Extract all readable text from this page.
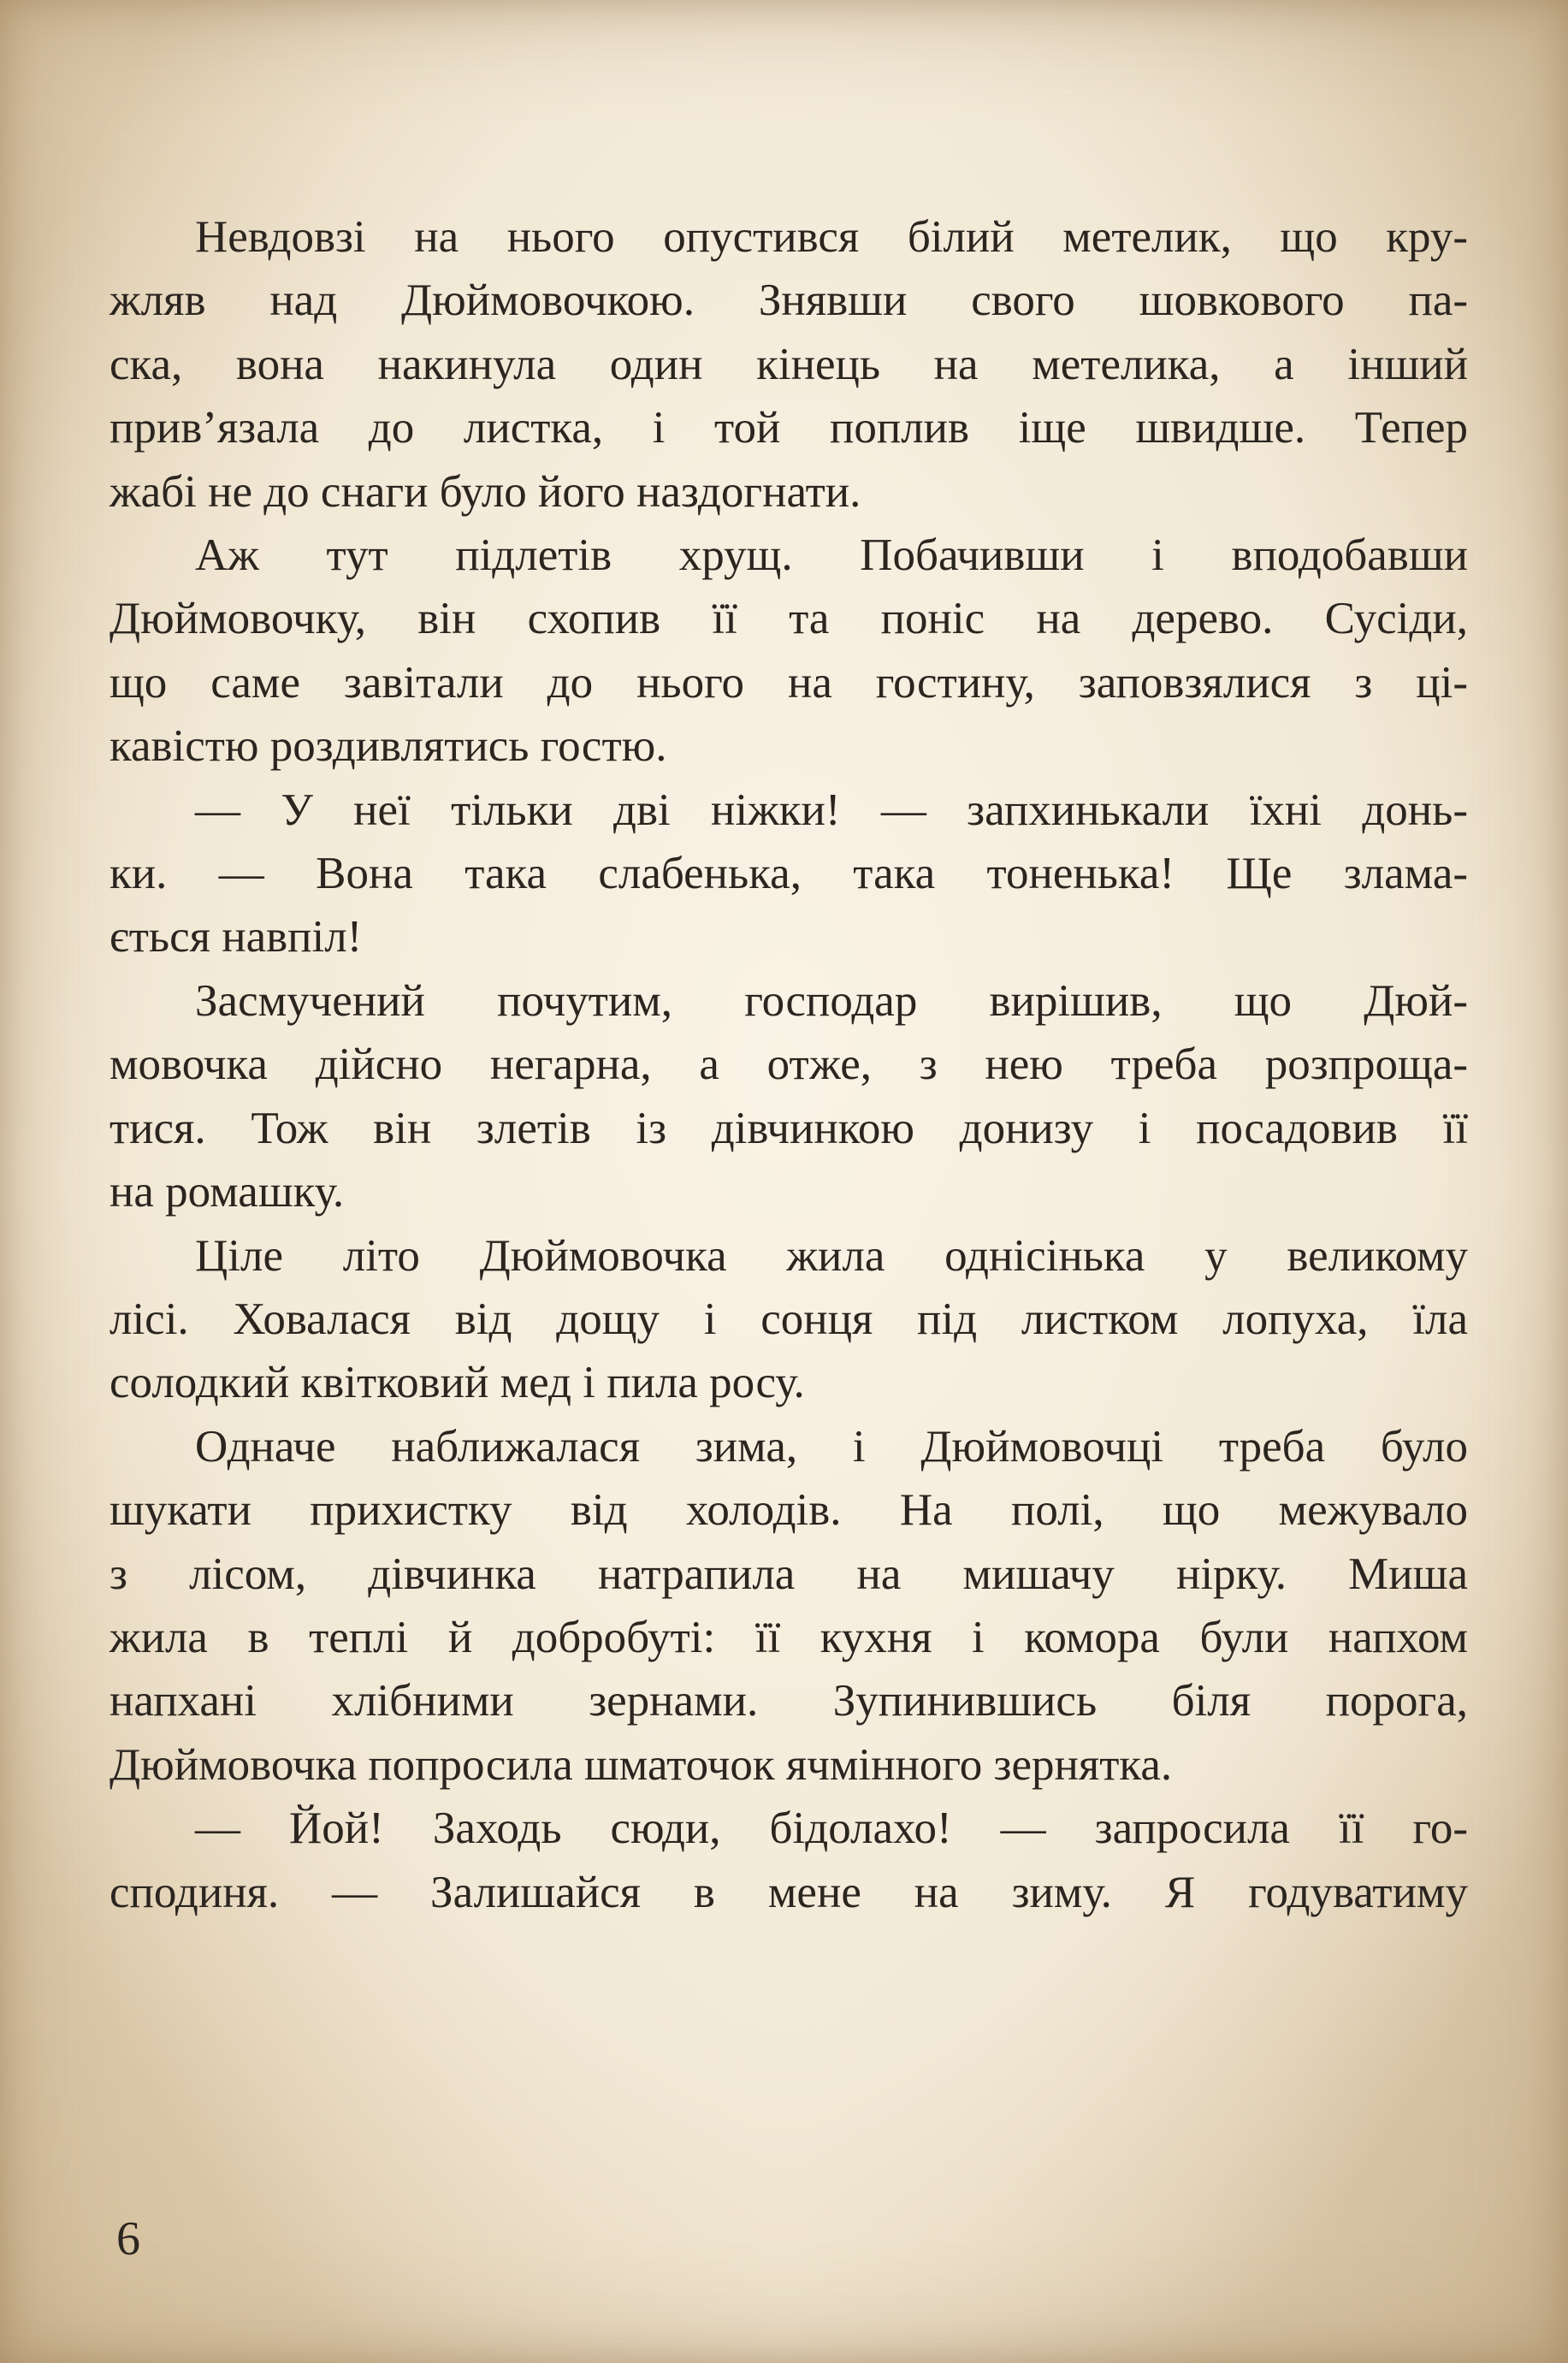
Невдовзі на нього опустився білий метелик, що кру-
жляв над Дюймовочкою. Знявши свого шовкового па-
ска, вона накинула один кінець на метелика, а інший
прив’язала до листка, і той поплив іще швидше. Тепер
жабі не до снаги було його наздогнати.
Аж тут підлетів хрущ. Побачивши і вподобавши
Дюймовочку, він схопив її та поніс на дерево. Сусіди,
що саме завітали до нього на гостину, заповзялися з ці-
кавістю роздивлятись гостю.
— У неї тільки дві ніжки! — запхинькали їхні донь-
ки. — Вона така слабенька, така тоненька! Ще злама-
ється навпіл!
Засмучений почутим, господар вирішив, що Дюй-
мовочка дійсно негарна, а отже, з нею треба розпроща-
тися. Тож він злетів із дівчинкою донизу і посадовив її
на ромашку.
Ціле літо Дюймовочка жила однісінька у великому
лісі. Ховалася від дощу і сонця під листком лопуха, їла
солодкий квітковий мед і пила росу.
Одначе наближалася зима, і Дюймовочці треба було
шукати прихистку від холодів. На полі, що межувало
з лісом, дівчинка натрапила на мишачу нірку. Миша
жила в теплі й добробуті: її кухня і комора були напхом
напхані хлібними зернами. Зупинившись біля порога,
Дюймовочка попросила шматочок ячмінного зернятка.
— Йой! Заходь сюди, бідолахо! — запросила її го-
сподиня. — Залишайся в мене на зиму. Я годуватиму
6
